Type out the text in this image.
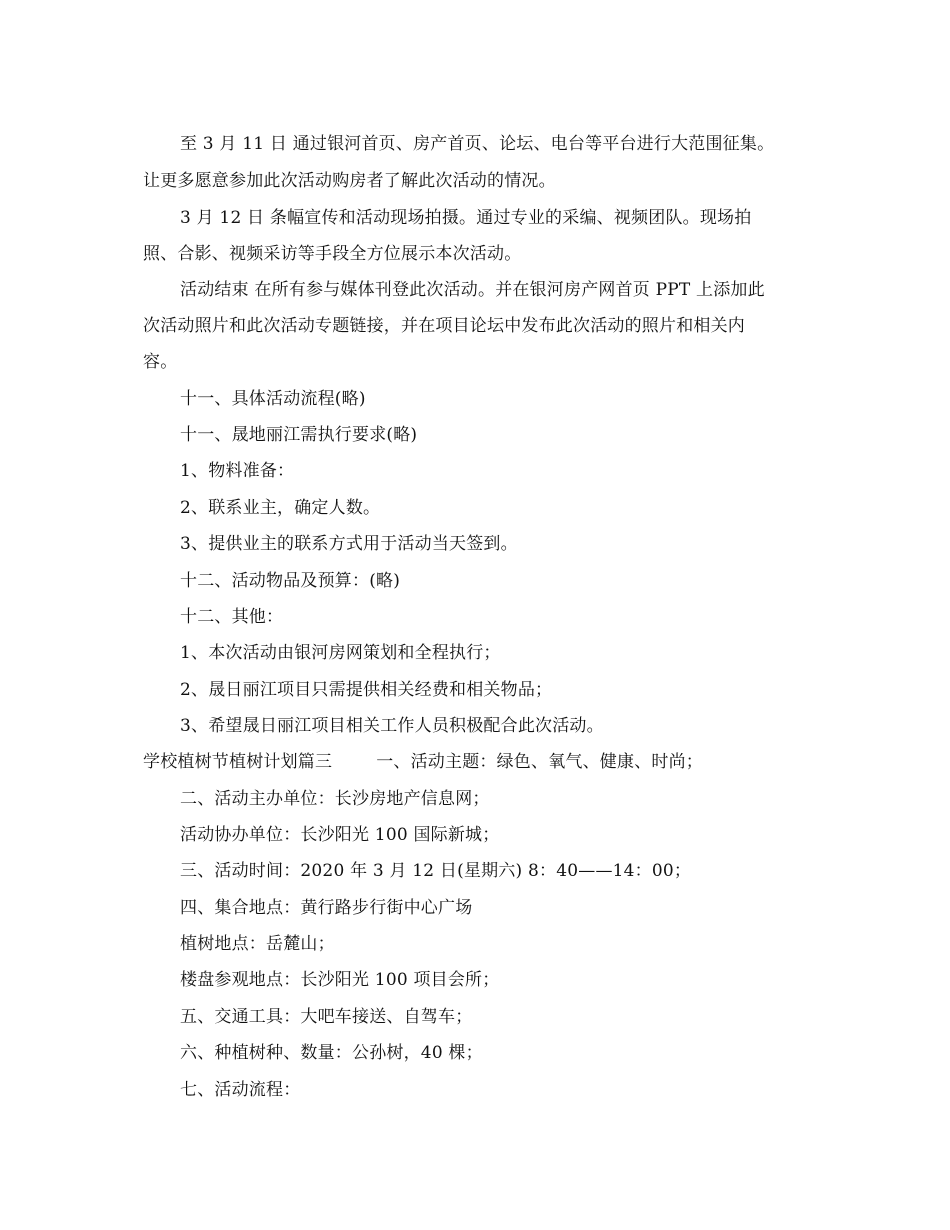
至 3 月 11 日 通过银河首页、房产首页、论坛、电台等平台进行大范围征集。
让更多愿意参加此次活动购房者了解此次活动的情况。
3 月 12 日 条幅宣传和活动现场拍摄。通过专业的采编、视频团队。现场拍
照、合影、视频采访等手段全方位展示本次活动。
活动结束 在所有参与媒体刊登此次活动。并在银河房产网首页 PPT 上添加此
次活动照片和此次活动专题链接，并在项目论坛中发布此次活动的照片和相关内
容。
十一、具体活动流程(略)
十一、晟地丽江需执行要求(略)
1、物料准备：
2、联系业主，确定人数。
3、提供业主的联系方式用于活动当天签到。
十二、活动物品及预算：(略)
十二、其他：
1、本次活动由银河房网策划和全程执行；
2、晟日丽江项目只需提供相关经费和相关物品；
3、希望晟日丽江项目相关工作人员积极配合此次活动。
学校植树节植树计划篇三	一、活动主题：绿色、氧气、健康、时尚；
二、活动主办单位：长沙房地产信息网；
活动协办单位：长沙阳光 100 国际新城；
三、活动时间：2020 年 3 月 12 日(星期六) 8：40——14：00；
四、集合地点：黄行路步行街中心广场
植树地点：岳麓山；
楼盘参观地点：长沙阳光 100 项目会所；
五、交通工具：大吧车接送、自驾车；
六、种植树种、数量：公孙树，40 棵；
七、活动流程：
